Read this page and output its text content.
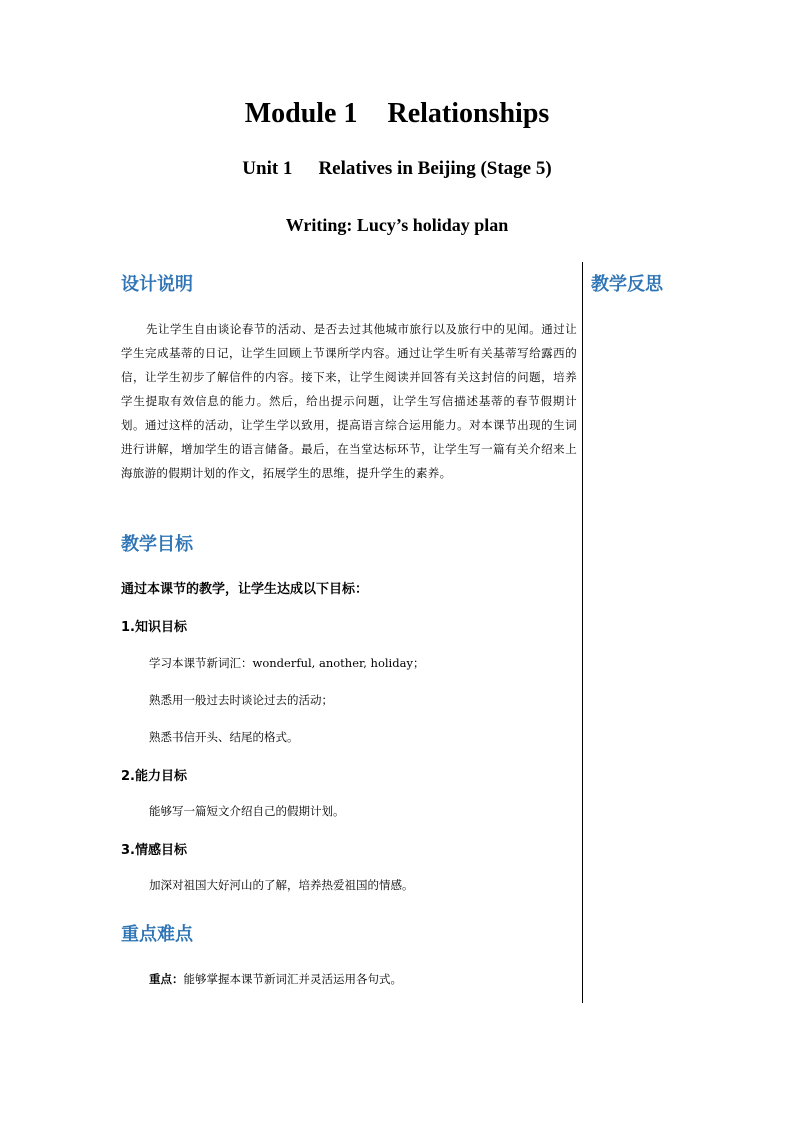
Module 1 Relationships
Unit 1 Relatives in Beijing (Stage 5)
Writing: Lucy’s holiday plan
教学反思
设计说明
先让学生自由谈论春节的活动、是否去过其他城市旅行以及旅行中的见闻。通过让学生完成基蒂的日记，让学生回顾上节课所学内容。通过让学生听有关基蒂写给露西的信，让学生初步了解信件的内容。接下来，让学生阅读并回答有关这封信的问题，培养学生提取有效信息的能力。然后，给出提示问题，让学生写信描述基蒂的春节假期计划。通过这样的活动，让学生学以致用，提高语言综合运用能力。对本课节出现的生词进行讲解，增加学生的语言储备。最后，在当堂达标环节，让学生写一篇有关介绍来上海旅游的假期计划的作文，拓展学生的思维，提升学生的素养。
教学目标
通过本课节的教学，让学生达成以下目标：
1.知识目标
学习本课节新词汇：wonderful, another, holiday；
熟悉用一般过去时谈论过去的活动；
熟悉书信开头、结尾的格式。
2.能力目标
能够写一篇短文介绍自己的假期计划。
3.情感目标
加深对祖国大好河山的了解，培养热爱祖国的情感。
重点难点
重点：能够掌握本课节新词汇并灵活运用各句式。
